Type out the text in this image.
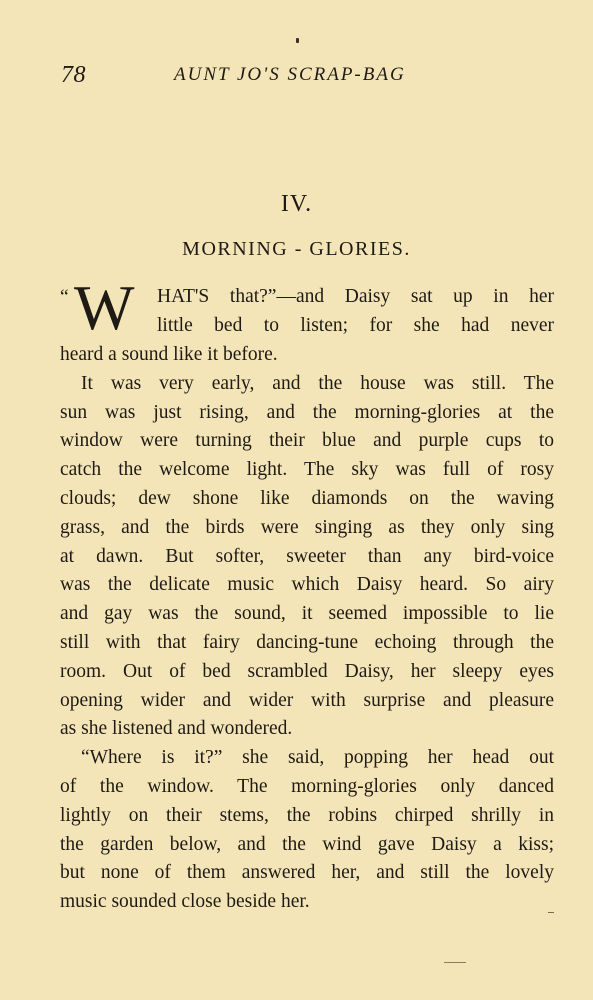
78	AUNT JO'S SCRAP-BAG
IV.
MORNING - GLORIES.
“ W HAT'S that?”—and Daisy sat up in her
little bed to listen; for she had never
heard a sound like it before.
It was very early, and the house was still. The
sun was just rising, and the morning-glories at the
window were turning their blue and purple cups to
catch the welcome light. The sky was full of rosy
clouds; dew shone like diamonds on the waving
grass, and the birds were singing as they only sing
at dawn. But softer, sweeter than any bird-voice
was the delicate music which Daisy heard. So airy
and gay was the sound, it seemed impossible to lie
still with that fairy dancing-tune echoing through the
room. Out of bed scrambled Daisy, her sleepy eyes
opening wider and wider with surprise and pleasure
as she listened and wondered.
“Where is it?” she said, popping her head out
of the window. The morning-glories only danced
lightly on their stems, the robins chirped shrilly in
the garden below, and the wind gave Daisy a kiss;
but none of them answered her, and still the lovely
music sounded close beside her.
